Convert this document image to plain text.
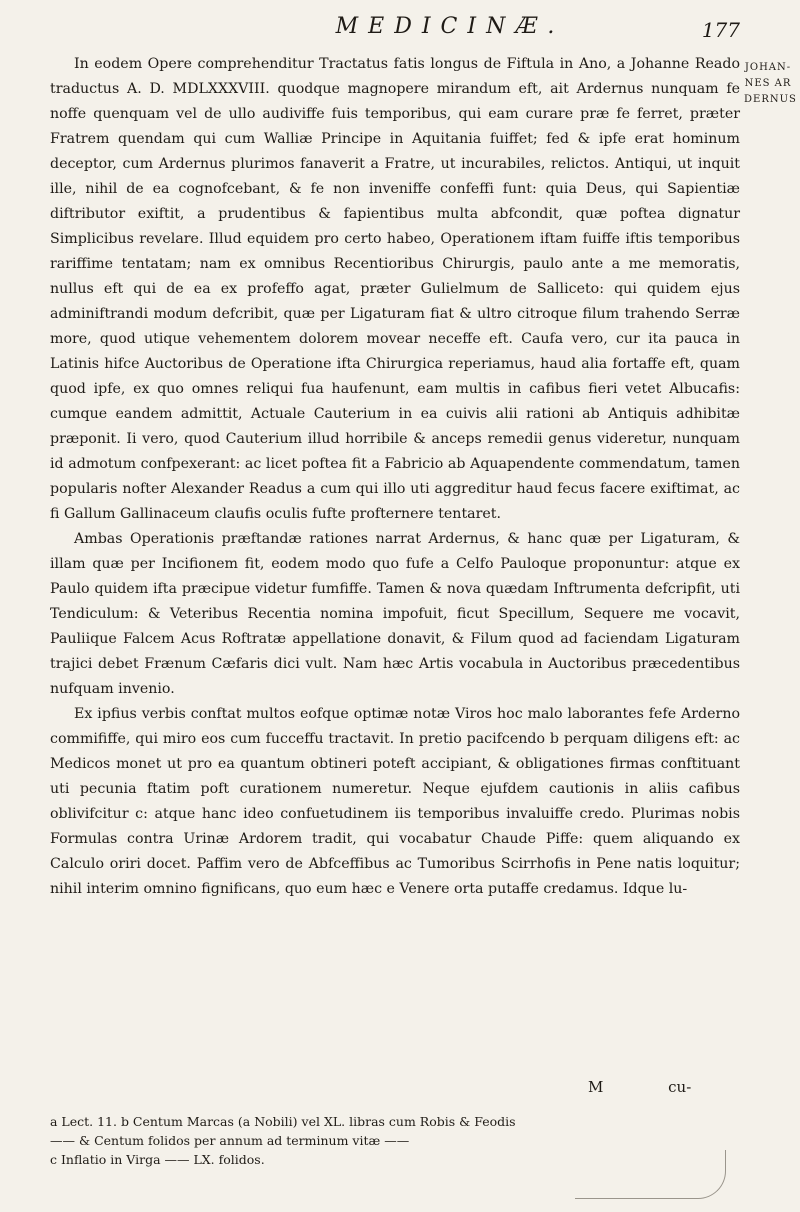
MEDICINÆ.	177
JOHAN-
NES AR
DERNUS

In eodem Opere comprehenditur Tractatus fatis longus de Fiftula in Ano, a Johanne Reado traductus A. D. MDLXXXVIII. quodque magnopere mirandum eft, ait Ardernus nunquam fe noffe quenquam vel de ullo audiviffe fuis temporibus, qui eam curare præ fe ferret, præter Fratrem quendam qui cum Walliæ Principe in Aquitania fuiffet; fed & ipfe erat hominum deceptor, cum Ardernus plurimos fanaverit a Fratre, ut incurabiles, relictos. Antiqui, ut inquit ille, nihil de ea cognofcebant, & fe non inveniffe confeffi funt: quia Deus, qui Sapientiæ diftributor exiftit, a prudentibus & fapientibus multa abfcondit, quæ poftea dignatur Simplicibus revelare. Illud equidem pro certo habeo, Operationem iftam fuiffe iftis temporibus rariffime tentatam; nam ex omnibus Recentioribus Chirurgis, paulo ante a me memoratis, nullus eft qui de ea ex profeffo agat, præter Gulielmum de Salliceto: qui quidem ejus adminiftrandi modum defcribit, quæ per Ligaturam fiat & ultro citroque filum trahendo Serræ more, quod utique vehementem dolorem movear neceffe eft. Caufa vero, cur ita pauca in Latinis hifce Auctoribus de Operatione ifta Chirurgica reperiamus, haud alia fortaffe eft, quam quod ipfe, ex quo omnes reliqui fua haufenunt, eam multis in cafibus fieri vetet Albucafis: cumque eandem admittit, Actuale Cauterium in ea cuivis alii rationi ab Antiquis adhibitæ præponit. Ii vero, quod Cauterium illud horribile & anceps remedii genus videretur, nunquam id admotum confpexerant: ac licet poftea fit a Fabricio ab Aquapendente commendatum, tamen popularis nofter Alexander Readus a cum qui illo uti aggreditur haud fecus facere exiftimat, ac fi Gallum Gallinaceum claufis oculis fufte profternere tentaret.

Ambas Operationis præftandæ rationes narrat Ardernus, & hanc quæ per Ligaturam, & illam quæ per Incifionem fit, eodem modo quo fufe a Celfo Pauloque proponuntur: atque ex Paulo quidem ifta præcipue videtur fumfiffe. Tamen & nova quædam Inftrumenta defcripfit, uti Tendiculum: & Veteribus Recentia nomina impofuit, ficut Specillum, Sequere me vocavit, Pauliique Falcem Acus Roftratæ appellatione donavit, & Filum quod ad faciendam Ligaturam trajici debet Frænum Cæfaris dici vult. Nam hæc Artis vocabula in Auctoribus præcedentibus nufquam invenio.

Ex ipfius verbis conftat multos eofque optimæ notæ Viros hoc malo laborantes fefe Arderno commififfe, qui miro eos cum fucceffu tractavit. In pretio pacifcendo b perquam diligens eft: ac Medicos monet ut pro ea quantum obtineri poteft accipiant, & obligationes firmas conftituant uti pecunia ftatim poft curationem numeretur. Neque ejufdem cautionis in aliis cafibus oblivifcitur c: atque hanc ideo confuetudinem iis temporibus invaluiffe credo. Plurimas nobis Formulas contra Urinæ Ardorem tradit, qui vocabatur Chaude Piffe: quem aliquando ex Calculo oriri docet. Paffim vero de Abfceffibus ac Tumoribus Scirrhofis in Pene natis loquitur; nihil interim omnino fignificans, quo eum hæc e Venere orta putaffe credamus. Idque lu-

M	cu-
a Lect. 11. b Centum Marcas (a Nobili) vel XL. libras cum Robis & Feodis
—— & Centum folidos per annum ad terminum vitæ ——
c Inflatio in Virga —— LX. folidos.
